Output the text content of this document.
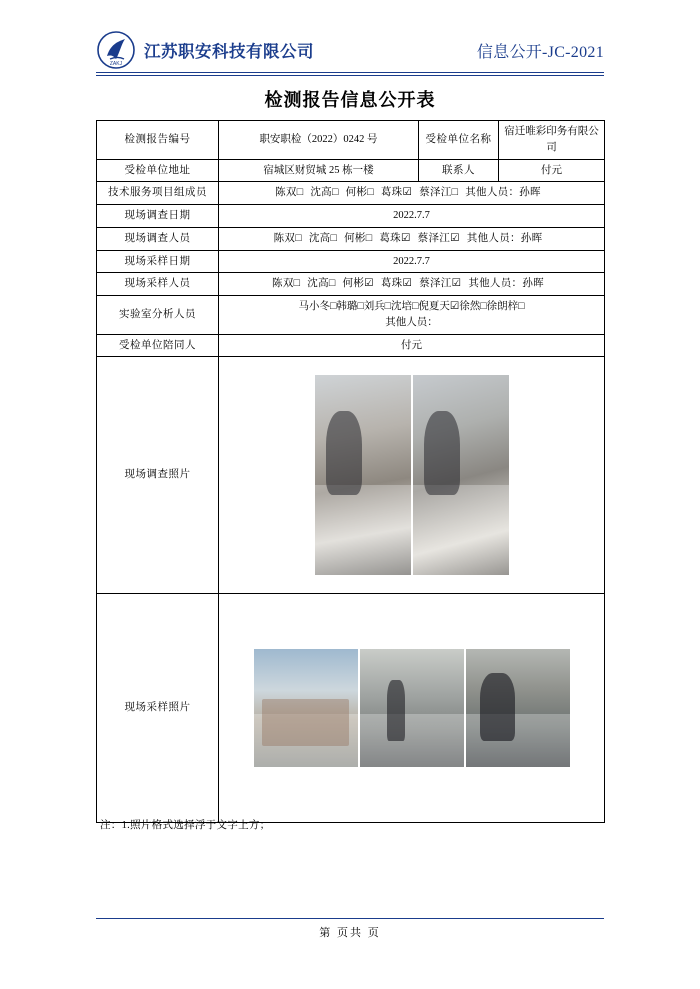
ZAKJ
江苏职安科技有限公司	信息公开-JC-2021
检测报告信息公开表
检测报告编号	职安职检（2022）0242 号	受检单位名称	宿迁唯彩印务有限公司
受检单位地址	宿城区财贸城 25 栋一楼	联系人	付元
技术服务项目组成员	陈双□ 沈高□ 何彬□ 葛珠☑ 蔡泽江□ 其他人员：孙晖		
现场调查日期	2022.7.7		
现场调查人员	陈双□ 沈高□ 何彬□ 葛珠☑ 蔡泽江☑ 其他人员：孙晖		
现场采样日期	2022.7.7		
现场采样人员	陈双□ 沈高□ 何彬☑ 葛珠☑ 蔡泽江☑ 其他人员：孙晖		
实验室分析人员	马小冬□韩璐□刘兵□沈培□倪夏天☑徐然□徐朗梓□
其他人员：		
受检单位陪同人	付元		
现场调查照片			

现场采样照片			
注：1.照片格式选择浮于文字上方；
第 页共 页
